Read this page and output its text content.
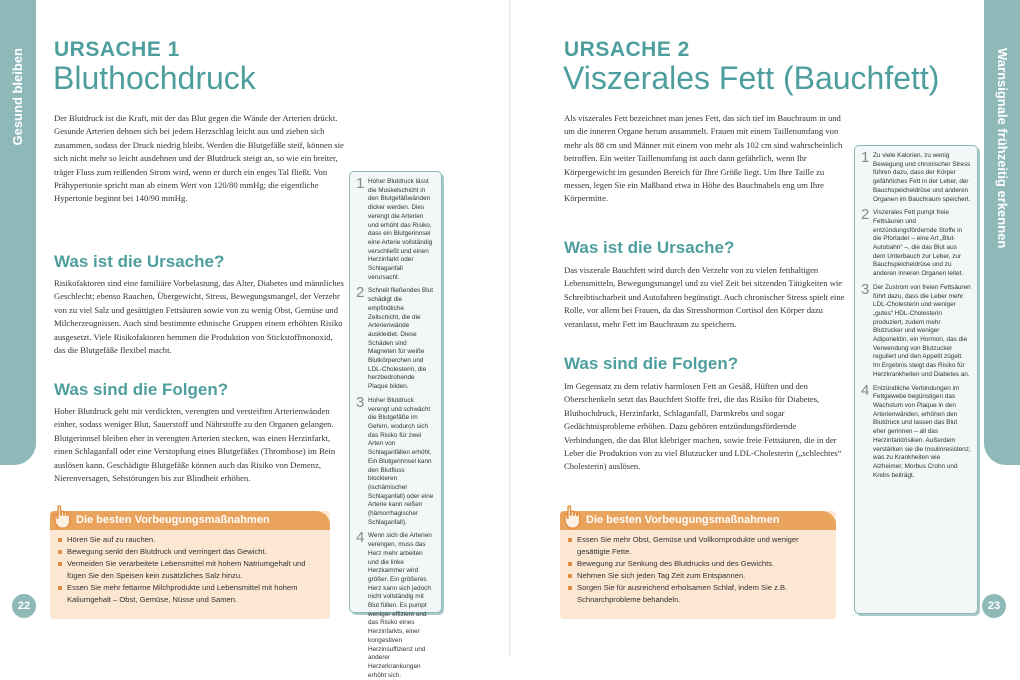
Gesund bleiben URSACHE 1
Bluthochdruck

Der Blutdruck ist die Kraft, mit der das Blut gegen die Wände der Arterien drückt. Gesunde Arterien dehnen sich bei jedem Herzschlag leicht aus und ziehen sich zusammen, sodass der Druck niedrig bleibt. Werden die Blutgefäße steif, können sie sich nicht mehr so leicht ausdehnen und der Blutdruck steigt an, so wie ein breiter, träger Fluss zum reißenden Strom wird, wenn er durch ein enges Tal fließt. Von Prähypertonie spricht man ab einem Wert von 120/80 mmHg; die eigentliche Hypertonie beginnt bei 140/90 mmHg.

Was ist die Ursache?

Risikofaktoren sind eine familiäre Vorbelastung, das Alter, Diabetes und männliches Geschlecht; ebenso Rauchen, Übergewicht, Stress, Bewegungsmangel, der Verzehr von zu viel Salz und gesättigten Fettsäuren sowie von zu wenig Obst, Gemüse und Milcherzeugnissen. Auch sind bestimmte ethnische Gruppen einem erhöhten Risiko ausgesetzt. Viele Risikofaktoren hemmen die Produktion von Stickstoffmonoxid, das die Blutgefäße flexibel macht.

Was sind die Folgen?

Hoher Blutdruck geht mit verdickten, verengten und versteiften Arterienwänden einher, sodass weniger Blut, Sauerstoff und Nährstoffe zu den Organen gelangen. Blutgerinnsel bleiben eher in verengten Arterien stecken, was einen Herzinfarkt, einen Schlaganfall oder eine Verstopfung eines Blutgefäßes (Thrombose) im Bein auslösen kann. Geschädigte Blutgefäße können auch das Risiko von Demenz, Nierenversagen, Sehstörungen bis zur Blindheit erhöhen.

1 Hoher Blutdruck lässt die Muskelschicht in den Blutgefäßwänden dicker werden. Dies verengt die Arterien und erhöht das Risiko, dass ein Blutgerinnsel eine Arterie vollständig verschließt und einen Herzinfarkt oder Schlaganfall verursacht.
2 Schnell fließendes Blut schädigt die empfindliche Zellschicht, die die Arterienwände auskleidet. Diese Schäden sind Magneten für weiße Blutkörperchen und LDL-Cholesterin, die herzbedrohende Plaque bilden.
3 Hoher Blutdruck verengt und schwächt die Blutgefäße im Gehirn, wodurch sich das Risiko für zwei Arten von Schlaganfällen erhöht. Ein Blutgerinnsel kann den Blutfluss blockieren (ischämischer Schlaganfall) oder eine Arterie kann reißen (hämorrhagischer Schlaganfall).
4 Wenn sich die Arterien verengen, muss das Herz mehr arbeiten und die linke Herzkammer wird größer. Ein größeres Herz kann sich jedoch nicht vollständig mit Blut füllen. Es pumpt weniger effizient und das Risiko eines Herzinfarkts, einer kongestiven Herzinsuffizienz und anderer Herzerkrankungen erhöht sich.
Die besten Vorbeugungsmaßnahmen
Hören Sie auf zu rauchen.
Bewegung senkt den Blutdruck und verringert das Gewicht.
Vermeiden Sie verarbeitete Lebensmittel mit hohem Natriumgehalt und fügen Sie den Speisen kein zusätzliches Salz hinzu.
Essen Sie mehr fettarme Milchprodukte und Lebensmittel mit hohem Kaliumgehalt – Obst, Gemüse, Nüsse und Samen.
22
Warnsignale frühzeitig erkennen
URSACHE 2
Viszerales Fett (Bauchfett)

Als viszerales Fett bezeichnet man jenes Fett, das sich tief im Bauchraum in und um die inneren Organe herum ansammelt. Frauen mit einem Taillenumfang von mehr als 88 cm und Männer mit einem von mehr als 102 cm sind wahrscheinlich betroffen. Ein weiter Taillenumfang ist auch dann gefährlich, wenn Ihr Körpergewicht im gesunden Bereich für Ihre Größe liegt. Um Ihre Taille zu messen, legen Sie ein Maßband etwa in Höhe des Bauchnabels eng um Ihre Körpermitte.

Was ist die Ursache?

Das viszerale Bauchfett wird durch den Verzehr von zu vielen fetthaltigen Lebensmitteln, Bewegungsmangel und zu viel Zeit bei sitzenden Tätigkeiten wie Schreibtischarbeit und Autofahren begünstigt. Auch chronischer Stress spielt eine Rolle, vor allem bei Frauen, da das Stresshormon Cortisol den Körper dazu veranlasst, mehr Fett im Bauchraum zu speichern.

Was sind die Folgen?

Im Gegensatz zu dem relativ harmlosen Fett an Gesäß, Hüften und den Oberschenkeln setzt das Bauchfett Stoffe frei, die das Risiko für Diabetes, Bluthochdruck, Herzinfarkt, Schlaganfall, Darmkrebs und sogar Gedächtnisprobleme erhöhen. Dazu gehören entzündungsfördernde Verbindungen, die das Blut klebriger machen, sowie freie Fettsäuren, die in der Leber die Produktion von zu viel Blutzucker und LDL-Cholesterin („schlechtes“ Cholesterin) auslösen.

1 Zu viele Kalorien, zu wenig Bewegung und chronischer Stress führen dazu, dass der Körper gefährliches Fett in der Leber, der Bauchspeicheldrüse und anderen Organen im Bauchraum speichert.
2 Viszerales Fett pumpt freie Fettsäuren und entzündungsfördernde Stoffe in die Pfortader – eine Art „Blut-Autobahn“ –, die das Blut aus dem Unterbauch zur Leber, zur Bauchspeicheldrüse und zu anderen inneren Organen leitet.
3 Der Zustrom von freien Fettsäuren führt dazu, dass die Leber mehr LDL-Cholesterin und weniger „gutes“ HDL-Cholesterin produziert, zudem mehr Blutzucker und weniger Adiponektin, ein Hormon, das die Verwendung von Blutzucker reguliert und den Appetit zügelt. Im Ergebnis steigt das Risiko für Herzkrankheiten und Diabetes an.
4 Entzündliche Verbindungen im Fettgewebe begünstigen das Wachstum von Plaque in den Arterienwänden, erhöhen den Blutdruck und lassen das Blut eher gerinnen – all das Herzinfarktrisiken. Außerdem verstärken sie die Insulinresistenz, was zu Krankheiten wie Alzheimer, Morbus Crohn und Krebs beiträgt.
Die besten Vorbeugungsmaßnahmen
Essen Sie mehr Obst, Gemüse und Vollkornprodukte und weniger gesättigte Fette.
Bewegung zur Senkung des Blutdrucks und des Gewichts.
Nehmen Sie sich jeden Tag Zeit zum Entspannen.
Sorgen Sie für ausreichend erholsamen Schlaf, indem Sie z.B. Schnarchprobleme behandeln.
23
